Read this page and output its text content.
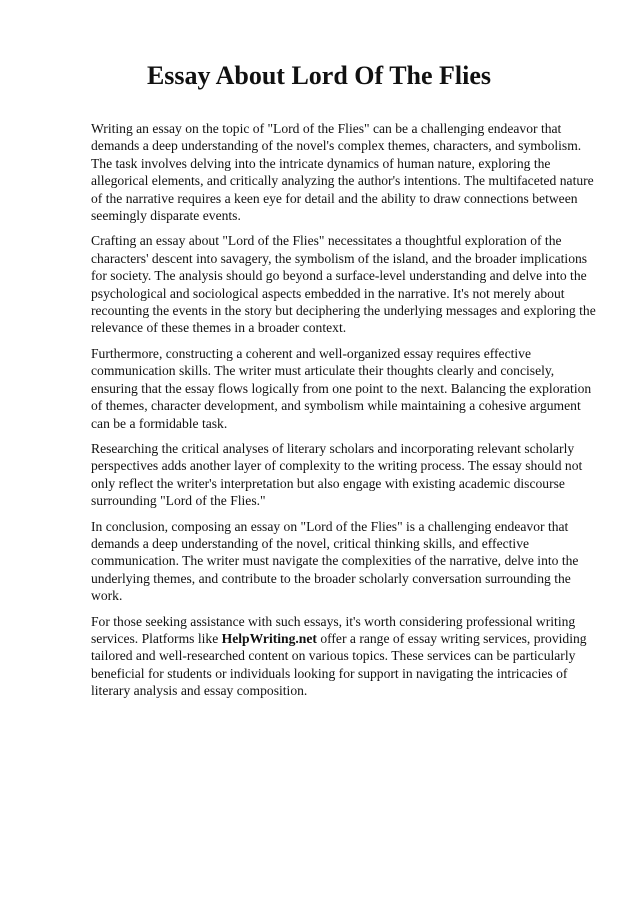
Essay About Lord Of The Flies

Writing an essay on the topic of "Lord of the Flies" can be a challenging endeavor that demands a deep understanding of the novel's complex themes, characters, and symbolism. The task involves delving into the intricate dynamics of human nature, exploring the allegorical elements, and critically analyzing the author's intentions. The multifaceted nature of the narrative requires a keen eye for detail and the ability to draw connections between seemingly disparate events.

Crafting an essay about "Lord of the Flies" necessitates a thoughtful exploration of the characters' descent into savagery, the symbolism of the island, and the broader implications for society. The analysis should go beyond a surface-level understanding and delve into the psychological and sociological aspects embedded in the narrative. It's not merely about recounting the events in the story but deciphering the underlying messages and exploring the relevance of these themes in a broader context.

Furthermore, constructing a coherent and well-organized essay requires effective communication skills. The writer must articulate their thoughts clearly and concisely, ensuring that the essay flows logically from one point to the next. Balancing the exploration of themes, character development, and symbolism while maintaining a cohesive argument can be a formidable task.

Researching the critical analyses of literary scholars and incorporating relevant scholarly perspectives adds another layer of complexity to the writing process. The essay should not only reflect the writer's interpretation but also engage with existing academic discourse surrounding "Lord of the Flies."

In conclusion, composing an essay on "Lord of the Flies" is a challenging endeavor that demands a deep understanding of the novel, critical thinking skills, and effective communication. The writer must navigate the complexities of the narrative, delve into the underlying themes, and contribute to the broader scholarly conversation surrounding the work.

For those seeking assistance with such essays, it's worth considering professional writing services. Platforms like HelpWriting.net offer a range of essay writing services, providing tailored and well-researched content on various topics. These services can be particularly beneficial for students or individuals looking for support in navigating the intricacies of literary analysis and essay composition.
